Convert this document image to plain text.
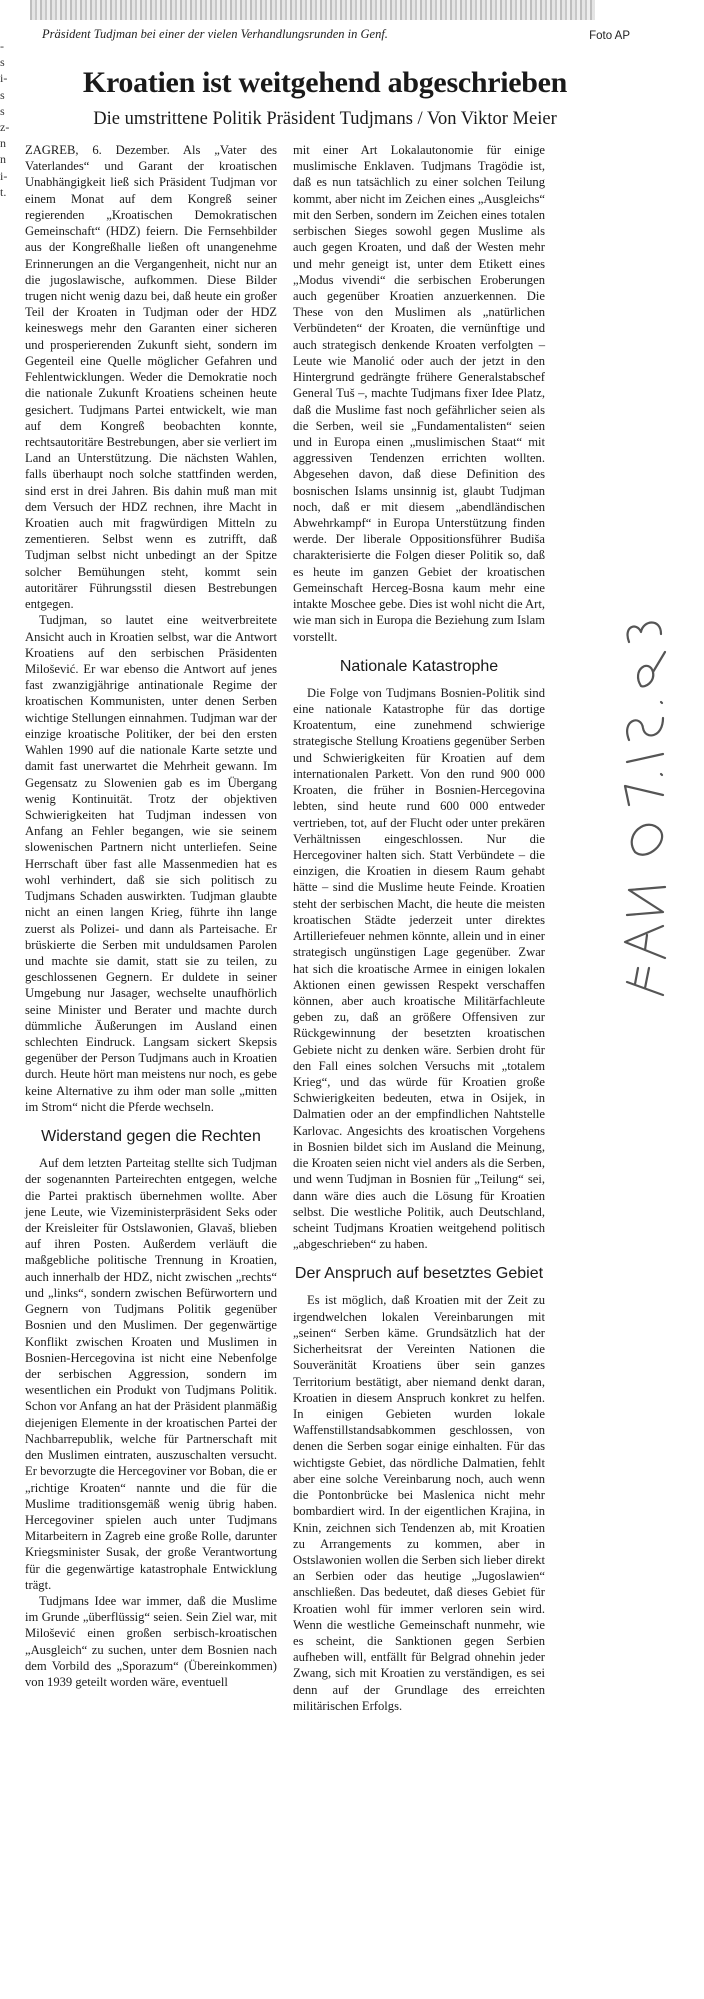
-
s
i-
s
s
z-
n
n
i-
t.
Präsident Tudjman bei einer der vielen Verhandlungsrunden in Genf.	Foto AP
Kroatien ist weitgehend abgeschrieben
Die umstrittene Politik Präsident Tudjmans / Von Viktor Meier

ZAGREB, 6. Dezember. Als „Vater des Vaterlandes“ und Garant der kroatischen Unabhängigkeit ließ sich Präsident Tudjman vor einem Monat auf dem Kongreß seiner regierenden „Kroatischen Demokratischen Gemeinschaft“ (HDZ) feiern. Die Fernsehbilder aus der Kongreßhalle ließen oft unangenehme Erinnerungen an die Vergangenheit, nicht nur an die jugoslawische, aufkommen. Diese Bilder trugen nicht wenig dazu bei, daß heute ein großer Teil der Kroaten in Tudjman oder der HDZ keineswegs mehr den Garanten einer sicheren und prosperierenden Zukunft sieht, sondern im Gegenteil eine Quelle möglicher Gefahren und Fehlentwicklungen. Weder die Demokratie noch die nationale Zukunft Kroatiens scheinen heute gesichert. Tudjmans Partei entwickelt, wie man auf dem Kongreß beobachten konnte, rechtsautoritäre Bestrebungen, aber sie verliert im Land an Unterstützung. Die nächsten Wahlen, falls überhaupt noch solche stattfinden werden, sind erst in drei Jahren. Bis dahin muß man mit dem Versuch der HDZ rechnen, ihre Macht in Kroatien auch mit fragwürdigen Mitteln zu zementieren. Selbst wenn es zutrifft, daß Tudjman selbst nicht unbedingt an der Spitze solcher Bemühungen steht, kommt sein autoritärer Führungsstil diesen Bestrebungen entgegen.

Tudjman, so lautet eine weitverbreitete Ansicht auch in Kroatien selbst, war die Antwort Kroatiens auf den serbischen Präsidenten Milošević. Er war ebenso die Antwort auf jenes fast zwanzigjährige antinationale Regime der kroatischen Kommunisten, unter denen Serben wichtige Stellungen einnahmen. Tudjman war der einzige kroatische Politiker, der bei den ersten Wahlen 1990 auf die nationale Karte setzte und damit fast unerwartet die Mehrheit gewann. Im Gegensatz zu Slowenien gab es im Übergang wenig Kontinuität. Trotz der objektiven Schwierigkeiten hat Tudjman indessen von Anfang an Fehler begangen, wie sie seinem slowenischen Partnern nicht unterliefen. Seine Herrschaft über fast alle Massenmedien hat es wohl verhindert, daß sie sich politisch zu Tudjmans Schaden auswirkten. Tudjman glaubte nicht an einen langen Krieg, führte ihn lange zuerst als Polizei- und dann als Parteisache. Er brüskierte die Serben mit unduldsamen Parolen und machte sie damit, statt sie zu teilen, zu geschlossenen Gegnern. Er duldete in seiner Umgebung nur Jasager, wechselte unaufhörlich seine Minister und Berater und machte durch dümmliche Äußerungen im Ausland einen schlechten Eindruck. Langsam sickert Skepsis gegenüber der Person Tudjmans auch in Kroatien durch. Heute hört man meistens nur noch, es gebe keine Alternative zu ihm oder man solle „mitten im Strom“ nicht die Pferde wechseln.

Widerstand gegen die Rechten

Auf dem letzten Parteitag stellte sich Tudjman der sogenannten Parteirechten entgegen, welche die Partei praktisch übernehmen wollte. Aber jene Leute, wie Vizeministerpräsident Seks oder der Kreisleiter für Ostslawonien, Glavaš, blieben auf ihren Posten. Außerdem verläuft die maßgebliche politische Trennung in Kroatien, auch innerhalb der HDZ, nicht zwischen „rechts“ und „links“, sondern zwischen Befürwortern und Gegnern von Tudjmans Politik gegenüber Bosnien und den Muslimen. Der gegenwärtige Konflikt zwischen Kroaten und Muslimen in Bosnien-Hercegovina ist nicht eine Nebenfolge der serbischen Aggression, sondern im wesentlichen ein Produkt von Tudjmans Politik. Schon vor Anfang an hat der Präsident planmäßig diejenigen Elemente in der kroatischen Partei der Nachbarrepublik, welche für Partnerschaft mit den Muslimen eintraten, auszuschalten versucht. Er bevorzugte die Hercegoviner vor Boban, die er „richtige Kroaten“ nannte und die für die Muslime traditionsgemäß wenig übrig haben. Hercegoviner spielen auch unter Tudjmans Mitarbeitern in Zagreb eine große Rolle, darunter Kriegsminister Susak, der große Verantwortung für die gegenwärtige katastrophale Entwicklung trägt.

Tudjmans Idee war immer, daß die Muslime im Grunde „überflüssig“ seien. Sein Ziel war, mit Milošević einen großen serbisch-kroatischen „Ausgleich“ zu suchen, unter dem Bosnien nach dem Vorbild des „Sporazum“ (Übereinkommen) von 1939 geteilt worden wäre, eventuell

mit einer Art Lokalautonomie für einige muslimische Enklaven. Tudjmans Tragödie ist, daß es nun tatsächlich zu einer solchen Teilung kommt, aber nicht im Zeichen eines „Ausgleichs“ mit den Serben, sondern im Zeichen eines totalen serbischen Sieges sowohl gegen Muslime als auch gegen Kroaten, und daß der Westen mehr und mehr geneigt ist, unter dem Etikett eines „Modus vivendi“ die serbischen Eroberungen auch gegenüber Kroatien anzuerkennen. Die These von den Muslimen als „natürlichen Verbündeten“ der Kroaten, die vernünftige und auch strategisch denkende Kroaten verfolgten – Leute wie Manolić oder auch der jetzt in den Hintergrund gedrängte frühere Generalstabschef General Tuš –, machte Tudjmans fixer Idee Platz, daß die Muslime fast noch gefährlicher seien als die Serben, weil sie „Fundamentalisten“ seien und in Europa einen „muslimischen Staat“ mit aggressiven Tendenzen errichten wollten. Abgesehen davon, daß diese Definition des bosnischen Islams unsinnig ist, glaubt Tudjman noch, daß er mit diesem „abendländischen Abwehrkampf“ in Europa Unterstützung finden werde. Der liberale Oppositionsführer Budiša charakterisierte die Folgen dieser Politik so, daß es heute im ganzen Gebiet der kroatischen Gemeinschaft Herceg-Bosna kaum mehr eine intakte Moschee gebe. Dies ist wohl nicht die Art, wie man sich in Europa die Beziehung zum Islam vorstellt.

Nationale Katastrophe

Die Folge von Tudjmans Bosnien-Politik sind eine nationale Katastrophe für das dortige Kroatentum, eine zunehmend schwierige strategische Stellung Kroatiens gegenüber Serben und Schwierigkeiten für Kroatien auf dem internationalen Parkett. Von den rund 900 000 Kroaten, die früher in Bosnien-Hercegovina lebten, sind heute rund 600 000 entweder vertrieben, tot, auf der Flucht oder unter prekären Verhältnissen eingeschlossen. Nur die Hercegoviner halten sich. Statt Verbündete – die einzigen, die Kroatien in diesem Raum gehabt hätte – sind die Muslime heute Feinde. Kroatien steht der serbischen Macht, die heute die meisten kroatischen Städte jederzeit unter direktes Artilleriefeuer nehmen könnte, allein und in einer strategisch ungünstigen Lage gegenüber. Zwar hat sich die kroatische Armee in einigen lokalen Aktionen einen gewissen Respekt verschaffen können, aber auch kroatische Militärfachleute geben zu, daß an größere Offensiven zur Rückgewinnung der besetzten kroatischen Gebiete nicht zu denken wäre. Serbien droht für den Fall eines solchen Versuchs mit „totalem Krieg“, und das würde für Kroatien große Schwierigkeiten bedeuten, etwa in Osijek, in Dalmatien oder an der empfindlichen Nahtstelle Karlovac. Angesichts des kroatischen Vorgehens in Bosnien bildet sich im Ausland die Meinung, die Kroaten seien nicht viel anders als die Serben, und wenn Tudjman in Bosnien für „Teilung“ sei, dann wäre dies auch die Lösung für Kroatien selbst. Die westliche Politik, auch Deutschland, scheint Tudjmans Kroatien weitgehend politisch „abgeschrieben“ zu haben.

Der Anspruch auf besetztes Gebiet

Es ist möglich, daß Kroatien mit der Zeit zu irgendwelchen lokalen Vereinbarungen mit „seinen“ Serben käme. Grundsätzlich hat der Sicherheitsrat der Vereinten Nationen die Souveränität Kroatiens über sein ganzes Territorium bestätigt, aber niemand denkt daran, Kroatien in diesem Anspruch konkret zu helfen. In einigen Gebieten wurden lokale Waffenstillstandsabkommen geschlossen, von denen die Serben sogar einige einhalten. Für das wichtigste Gebiet, das nördliche Dalmatien, fehlt aber eine solche Vereinbarung noch, auch wenn die Pontonbrücke bei Maslenica nicht mehr bombardiert wird. In der eigentlichen Krajina, in Knin, zeichnen sich Tendenzen ab, mit Kroatien zu Arrangements zu kommen, aber in Ostslawonien wollen die Serben sich lieber direkt an Serbien oder das heutige „Jugoslawien“ anschließen. Das bedeutet, daß dieses Gebiet für Kroatien wohl für immer verloren sein wird. Wenn die westliche Gemeinschaft nunmehr, wie es scheint, die Sanktionen gegen Serbien aufheben will, entfällt für Belgrad ohnehin jeder Zwang, sich mit Kroatien zu verständigen, es sei denn auf der Grundlage des erreichten militärischen Erfolgs.
